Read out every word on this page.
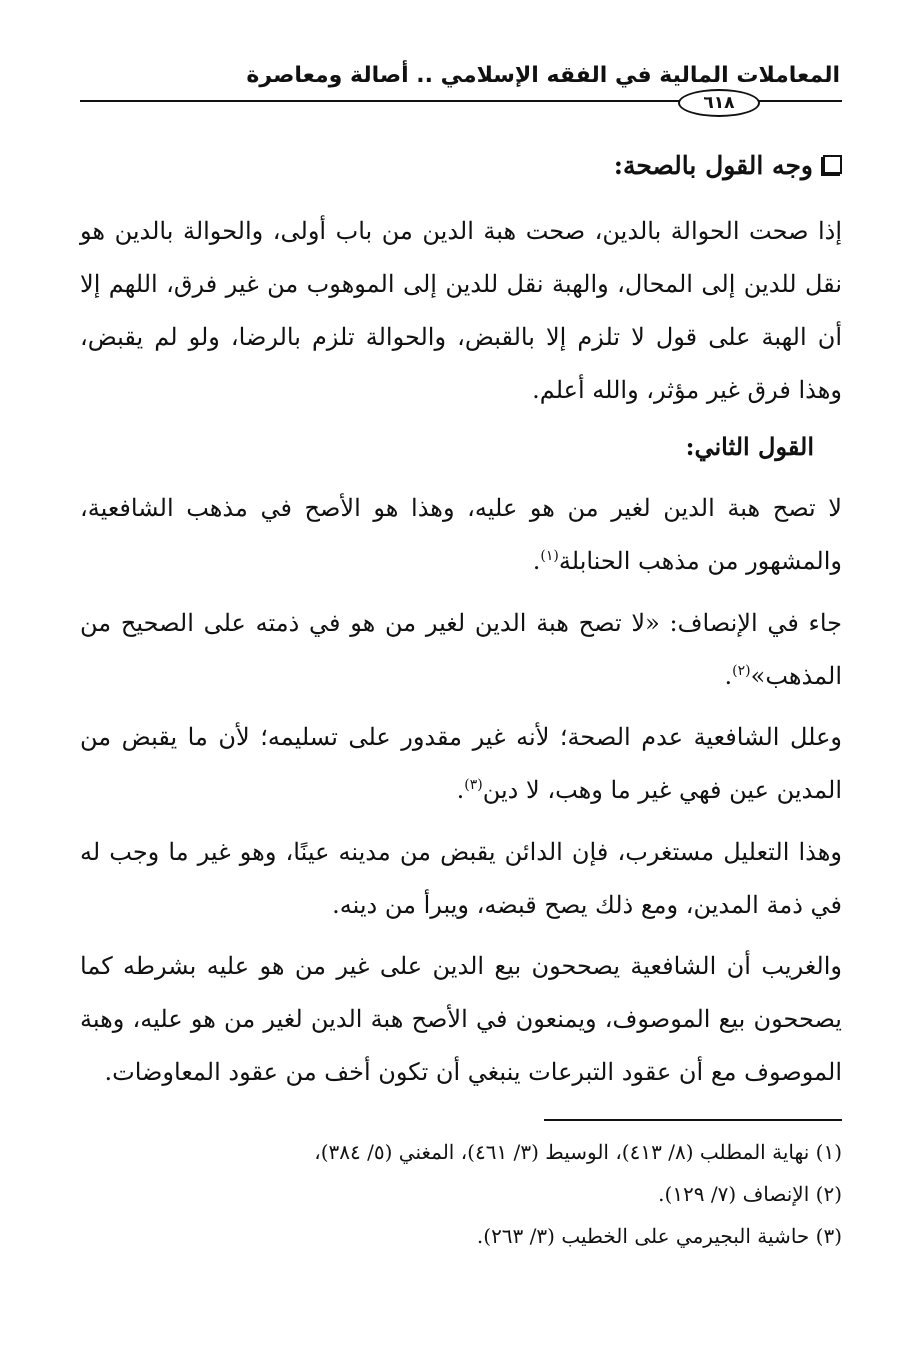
المعاملات المالية في الفقه الإسلامي .. أصالة ومعاصرة
٦١٨
وجه القول بالصحة:

إذا صحت الحوالة بالدين، صحت هبة الدين من باب أولى، والحوالة بالدين هو نقل للدين إلى المحال، والهبة نقل للدين إلى الموهوب من غير فرق، اللهم إلا أن الهبة على قول لا تلزم إلا بالقبض، والحوالة تلزم بالرضا، ولو لم يقبض، وهذا فرق غير مؤثر، والله أعلم.

القول الثاني:

لا تصح هبة الدين لغير من هو عليه، وهذا هو الأصح في مذهب الشافعية، والمشهور من مذهب الحنابلة$^{(١)}$.

جاء في الإنصاف: «لا تصح هبة الدين لغير من هو في ذمته على الصحيح من المذهب»$^{(٢)}$.

وعلل الشافعية عدم الصحة؛ لأنه غير مقدور على تسليمه؛ لأن ما يقبض من المدين عين فهي غير ما وهب، لا دين$^{(٣)}$.

وهذا التعليل مستغرب، فإن الدائن يقبض من مدينه عينًا، وهو غير ما وجب له في ذمة المدين، ومع ذلك يصح قبضه، ويبرأ من دينه.

والغريب أن الشافعية يصححون بيع الدين على غير من هو عليه بشرطه كما يصححون بيع الموصوف، ويمنعون في الأصح هبة الدين لغير من هو عليه، وهبة الموصوف مع أن عقود التبرعات ينبغي أن تكون أخف من عقود المعاوضات.

(١) نهاية المطلب (٨/ ٤١٣)، الوسيط (٣/ ٤٦١)، المغني (٥/ ٣٨٤)،
(٢) الإنصاف (٧/ ١٢٩).
(٣) حاشية البجيرمي على الخطيب (٣/ ٢٦٣).
